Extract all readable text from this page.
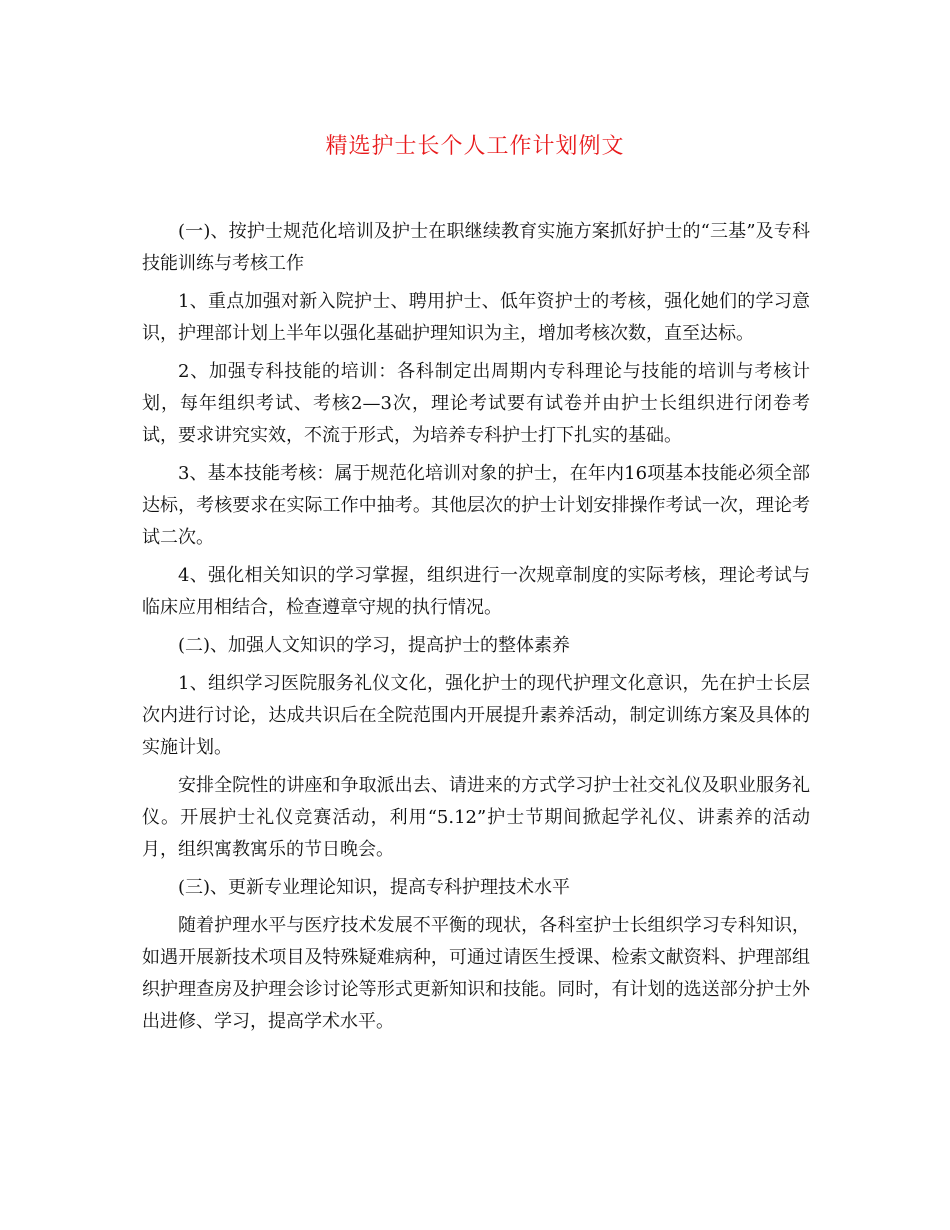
精选护士长个人工作计划例文

(一)、按护士规范化培训及护士在职继续教育实施方案抓好护士的“三基”及专科技能训练与考核工作

1、重点加强对新入院护士、聘用护士、低年资护士的考核，强化她们的学习意识，护理部计划上半年以强化基础护理知识为主，增加考核次数，直至达标。

2、加强专科技能的培训：各科制定出周期内专科理论与技能的培训与考核计划，每年组织考试、考核2—3次，理论考试要有试卷并由护士长组织进行闭卷考试，要求讲究实效，不流于形式，为培养专科护士打下扎实的基础。

3、基本技能考核：属于规范化培训对象的护士，在年内16项基本技能必须全部达标，考核要求在实际工作中抽考。其他层次的护士计划安排操作考试一次，理论考试二次。

4、强化相关知识的学习掌握，组织进行一次规章制度的实际考核，理论考试与临床应用相结合，检查遵章守规的执行情况。

(二)、加强人文知识的学习，提高护士的整体素养

1、组织学习医院服务礼仪文化，强化护士的现代护理文化意识，先在护士长层次内进行讨论，达成共识后在全院范围内开展提升素养活动，制定训练方案及具体的实施计划。

安排全院性的讲座和争取派出去、请进来的方式学习护士社交礼仪及职业服务礼仪。开展护士礼仪竞赛活动，利用“5.12”护士节期间掀起学礼仪、讲素养的活动月，组织寓教寓乐的节日晚会。

(三)、更新专业理论知识，提高专科护理技术水平

随着护理水平与医疗技术发展不平衡的现状，各科室护士长组织学习专科知识，如遇开展新技术项目及特殊疑难病种，可通过请医生授课、检索文献资料、护理部组织护理查房及护理会诊讨论等形式更新知识和技能。同时，有计划的选送部分护士外出进修、学习，提高学术水平。
